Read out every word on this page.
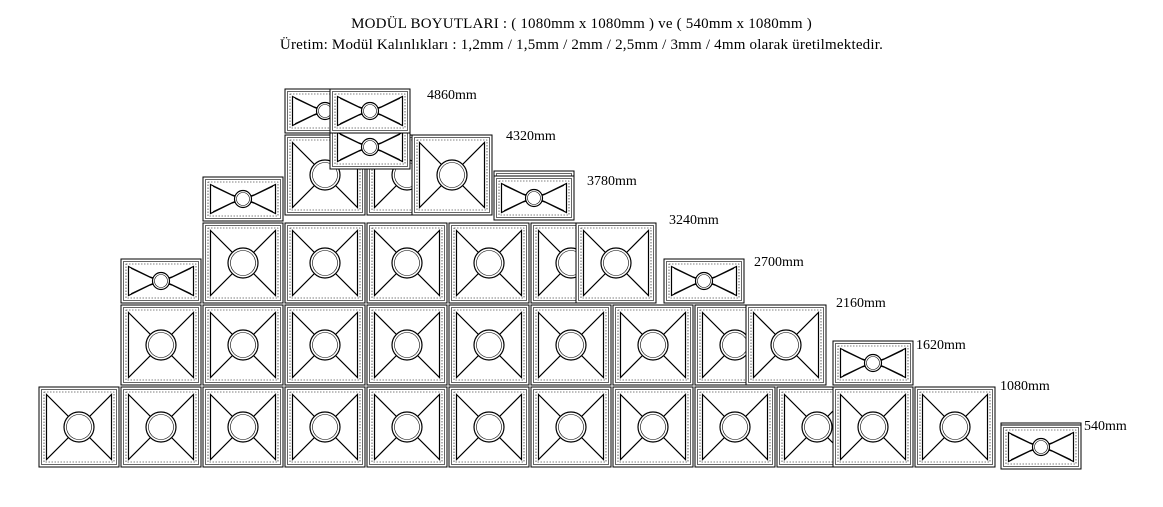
MODÜL BOYUTLARI : ( 1080mm x 1080mm ) ve ( 540mm x 1080mm )
Üretim: Modül Kalınlıkları : 1,2mm / 1,5mm / 2mm / 2,5mm / 3mm / 4mm olarak üretilmektedir.
4860mm
4320mm
3780mm
3240mm
2700mm
2160mm
1620mm
1080mm
540mm
